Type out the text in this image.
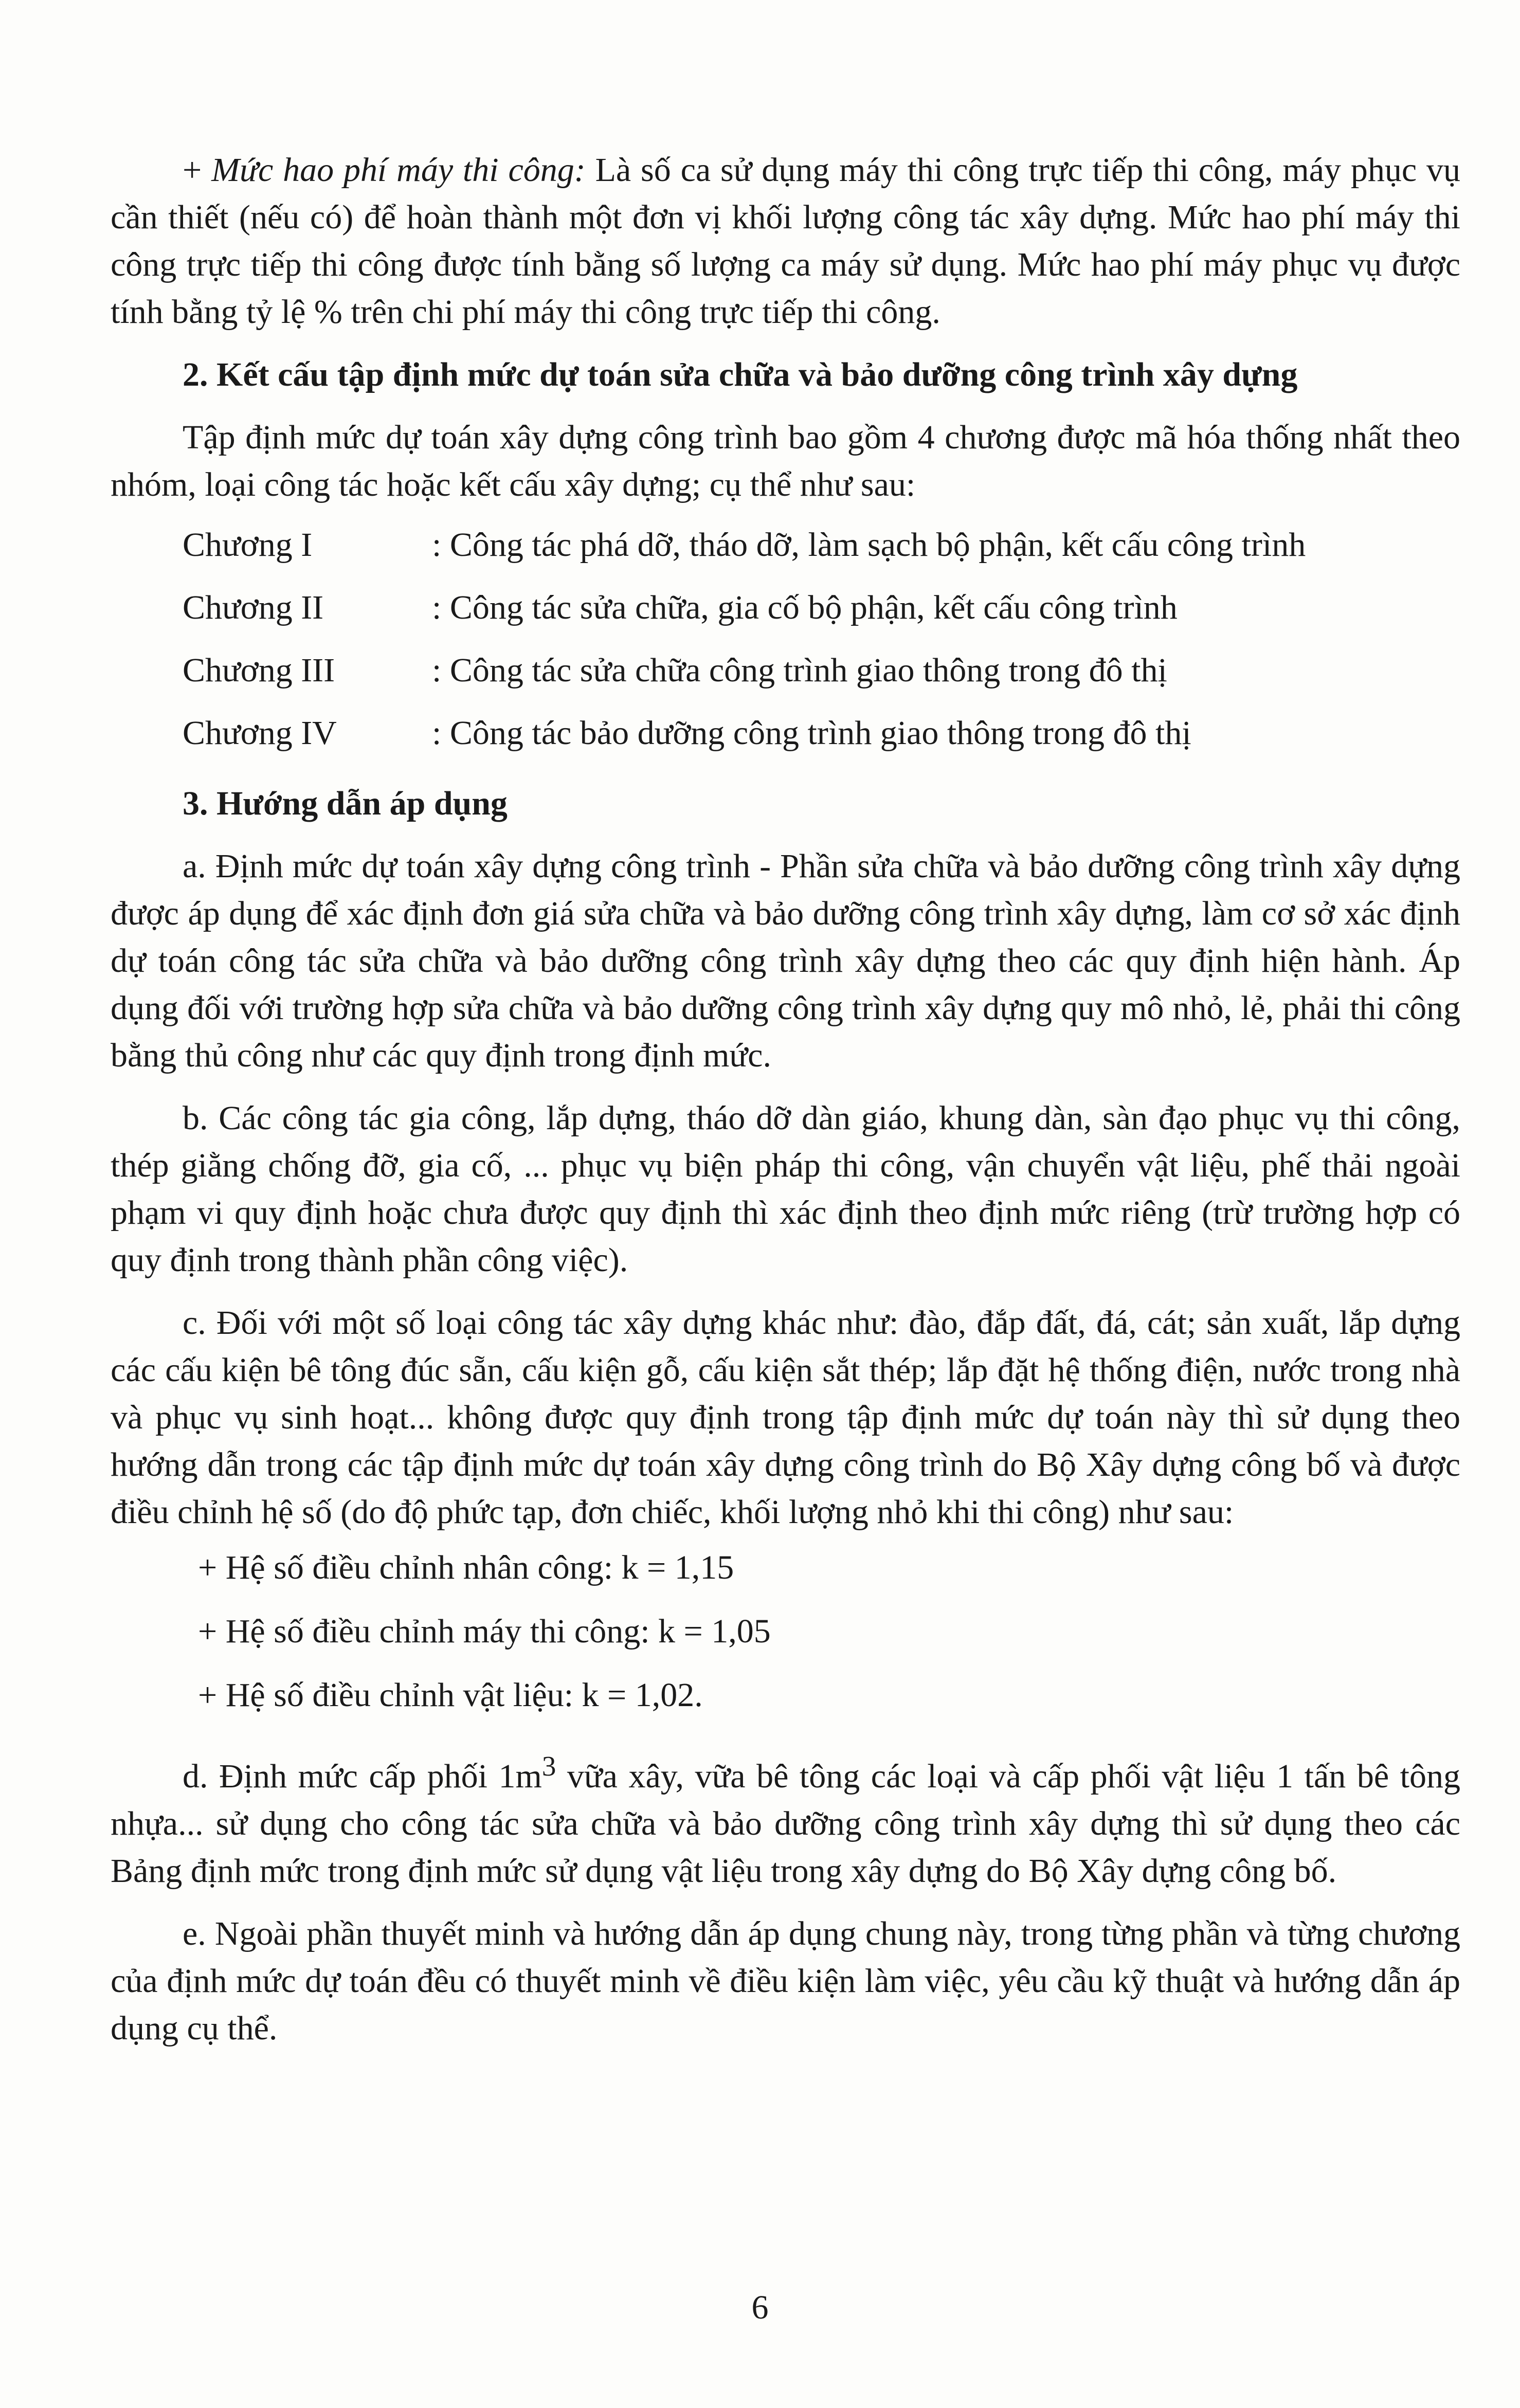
+ Mức hao phí máy thi công: Là số ca sử dụng máy thi công trực tiếp thi công, máy phục vụ cần thiết (nếu có) để hoàn thành một đơn vị khối lượng công tác xây dựng. Mức hao phí máy thi công trực tiếp thi công được tính bằng số lượng ca máy sử dụng. Mức hao phí máy phục vụ được tính bằng tỷ lệ % trên chi phí máy thi công trực tiếp thi công.

2. Kết cấu tập định mức dự toán sửa chữa và bảo dưỡng công trình xây dựng

Tập định mức dự toán xây dựng công trình bao gồm 4 chương được mã hóa thống nhất theo nhóm, loại công tác hoặc kết cấu xây dựng; cụ thể như sau:

Chương I	: Công tác phá dỡ, tháo dỡ, làm sạch bộ phận, kết cấu công trình
Chương II	: Công tác sửa chữa, gia cố bộ phận, kết cấu công trình
Chương III	: Công tác sửa chữa công trình giao thông trong đô thị
Chương IV	: Công tác bảo dưỡng công trình giao thông trong đô thị

3. Hướng dẫn áp dụng

a. Định mức dự toán xây dựng công trình - Phần sửa chữa và bảo dưỡng công trình xây dựng được áp dụng để xác định đơn giá sửa chữa và bảo dưỡng công trình xây dựng, làm cơ sở xác định dự toán công tác sửa chữa và bảo dưỡng công trình xây dựng theo các quy định hiện hành. Áp dụng đối với trường hợp sửa chữa và bảo dưỡng công trình xây dựng quy mô nhỏ, lẻ, phải thi công bằng thủ công như các quy định trong định mức.

b. Các công tác gia công, lắp dựng, tháo dỡ dàn giáo, khung dàn, sàn đạo phục vụ thi công, thép giằng chống đỡ, gia cố, ... phục vụ biện pháp thi công, vận chuyển vật liệu, phế thải ngoài phạm vi quy định hoặc chưa được quy định thì xác định theo định mức riêng (trừ trường hợp có quy định trong thành phần công việc).

c. Đối với một số loại công tác xây dựng khác như: đào, đắp đất, đá, cát; sản xuất, lắp dựng các cấu kiện bê tông đúc sẵn, cấu kiện gỗ, cấu kiện sắt thép; lắp đặt hệ thống điện, nước trong nhà và phục vụ sinh hoạt... không được quy định trong tập định mức dự toán này thì sử dụng theo hướng dẫn trong các tập định mức dự toán xây dựng công trình do Bộ Xây dựng công bố và được điều chỉnh hệ số (do độ phức tạp, đơn chiếc, khối lượng nhỏ khi thi công) như sau:

+ Hệ số điều chỉnh nhân công: k = 1,15
+ Hệ số điều chỉnh máy thi công: k = 1,05
+ Hệ số điều chỉnh vật liệu: k = 1,02.

d. Định mức cấp phối $1m^3$ vữa xây, vữa bê tông các loại và cấp phối vật liệu 1 tấn bê tông nhựa... sử dụng cho công tác sửa chữa và bảo dưỡng công trình xây dựng thì sử dụng theo các Bảng định mức trong định mức sử dụng vật liệu trong xây dựng do Bộ Xây dựng công bố.

e. Ngoài phần thuyết minh và hướng dẫn áp dụng chung này, trong từng phần và từng chương của định mức dự toán đều có thuyết minh về điều kiện làm việc, yêu cầu kỹ thuật và hướng dẫn áp dụng cụ thể.

6
